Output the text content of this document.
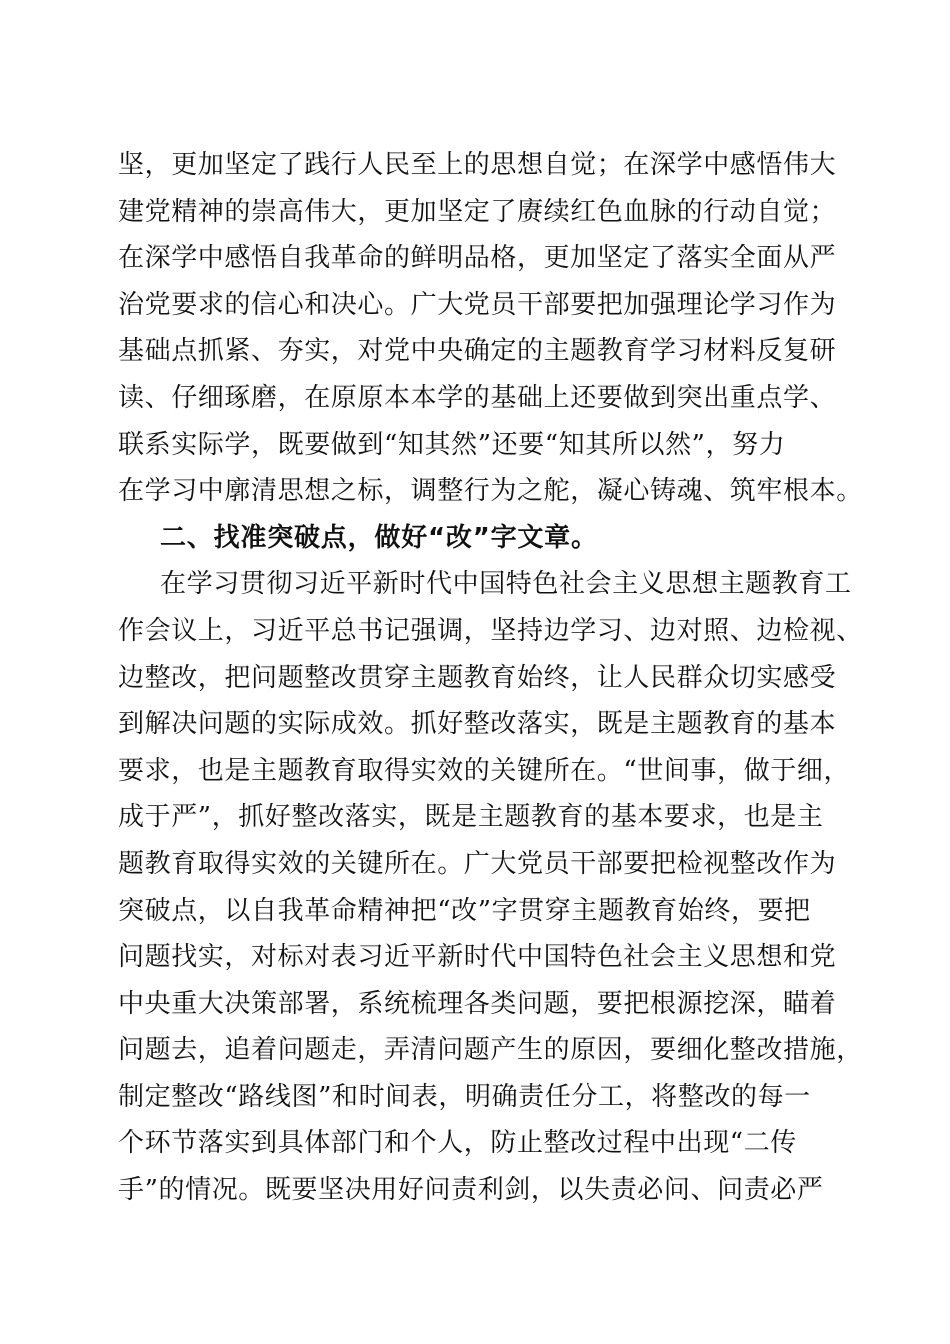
坚，更加坚定了践行人民至上的思想自觉；在深学中感悟伟大
建党精神的崇高伟大，更加坚定了赓续红色血脉的行动自觉；
在深学中感悟自我革命的鲜明品格，更加坚定了落实全面从严
治党要求的信心和决心。广大党员干部要把加强理论学习作为
基础点抓紧、夯实，对党中央确定的主题教育学习材料反复研
读、仔细琢磨，在原原本本学的基础上还要做到突出重点学、
联系实际学，既要做到“知其然”还要“知其所以然”，努力
在学习中廓清思想之标，调整行为之舵，凝心铸魂、筑牢根本。
二、找准突破点，做好“改”字文章。
在学习贯彻习近平新时代中国特色社会主义思想主题教育工
作会议上，习近平总书记强调，坚持边学习、边对照、边检视、
边整改，把问题整改贯穿主题教育始终，让人民群众切实感受
到解决问题的实际成效。抓好整改落实，既是主题教育的基本
要求，也是主题教育取得实效的关键所在。“世间事，做于细，
成于严”，抓好整改落实，既是主题教育的基本要求，也是主
题教育取得实效的关键所在。广大党员干部要把检视整改作为
突破点，以自我革命精神把“改”字贯穿主题教育始终，要把
问题找实，对标对表习近平新时代中国特色社会主义思想和党
中央重大决策部署，系统梳理各类问题，要把根源挖深，瞄着
问题去，追着问题走，弄清问题产生的原因，要细化整改措施，
制定整改“路线图”和时间表，明确责任分工，将整改的每一
个环节落实到具体部门和个人，防止整改过程中出现“二传
手”的情况。既要坚决用好问责利剑，以失责必问、问责必严
